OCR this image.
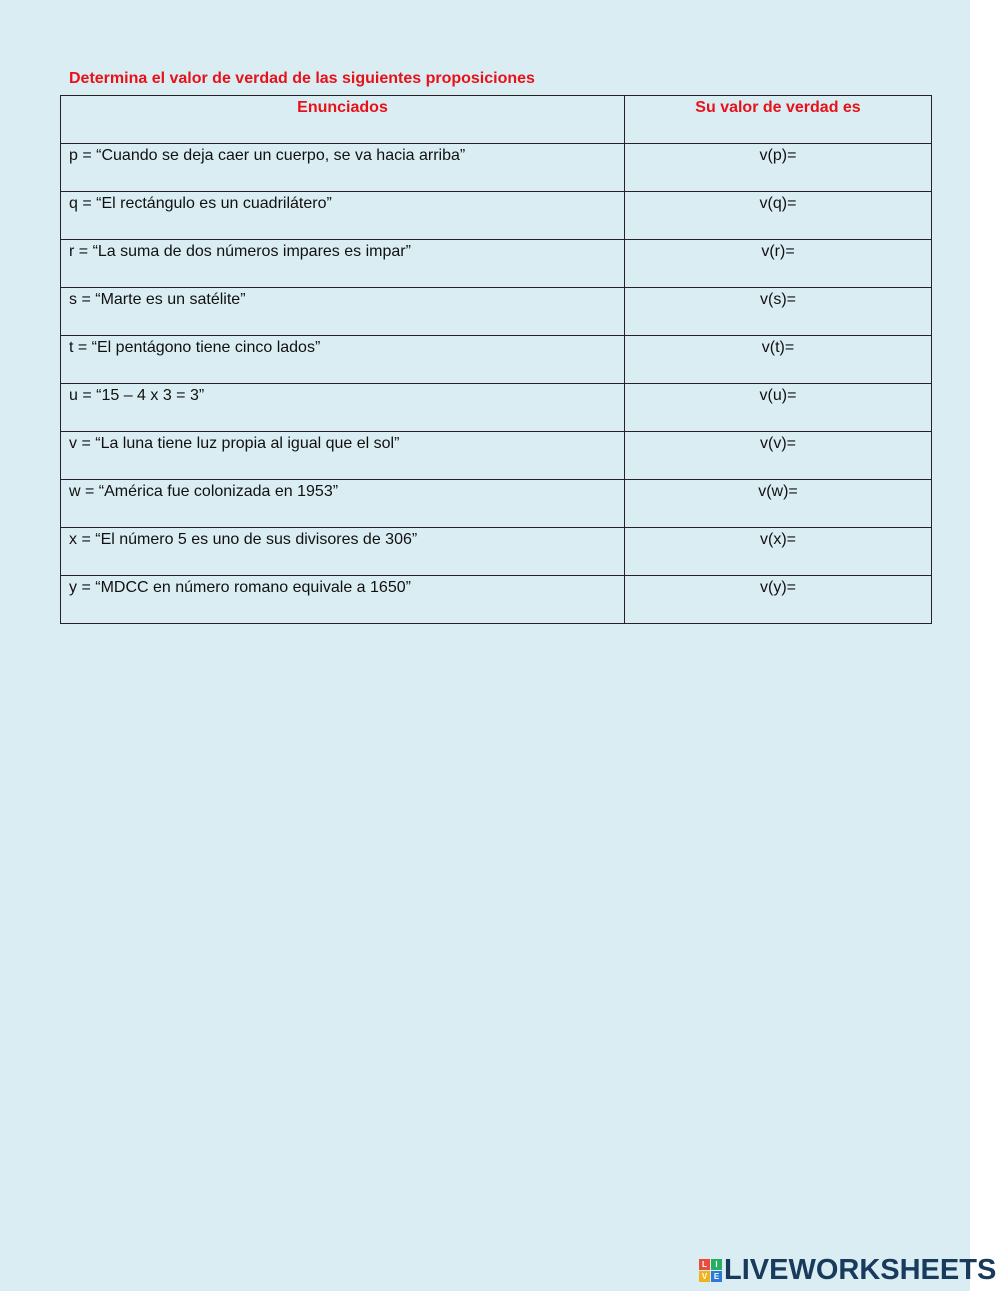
Determina el valor de verdad de las siguientes proposiciones
Enunciados	Su valor de verdad es
p = “Cuando se deja caer un cuerpo, se va hacia arriba”	v(p)=
q = “El rectángulo es un cuadrilátero”	v(q)=
r = “La suma de dos números impares es impar”	v(r)=
s = “Marte es un satélite”	v(s)=
t = “El pentágono tiene cinco lados”	v(t)=
u = “15 – 4 x 3 = 3”	v(u)=
v = “La luna tiene luz propia al igual que el sol”	v(v)=
w = “América fue colonizada en 1953”	v(w)=
x = “El número 5 es uno de sus divisores de 306”	v(x)=
y = “MDCC en número romano equivale a 1650”	v(y)=
L	I
V E LIVEWORKSHEETS
